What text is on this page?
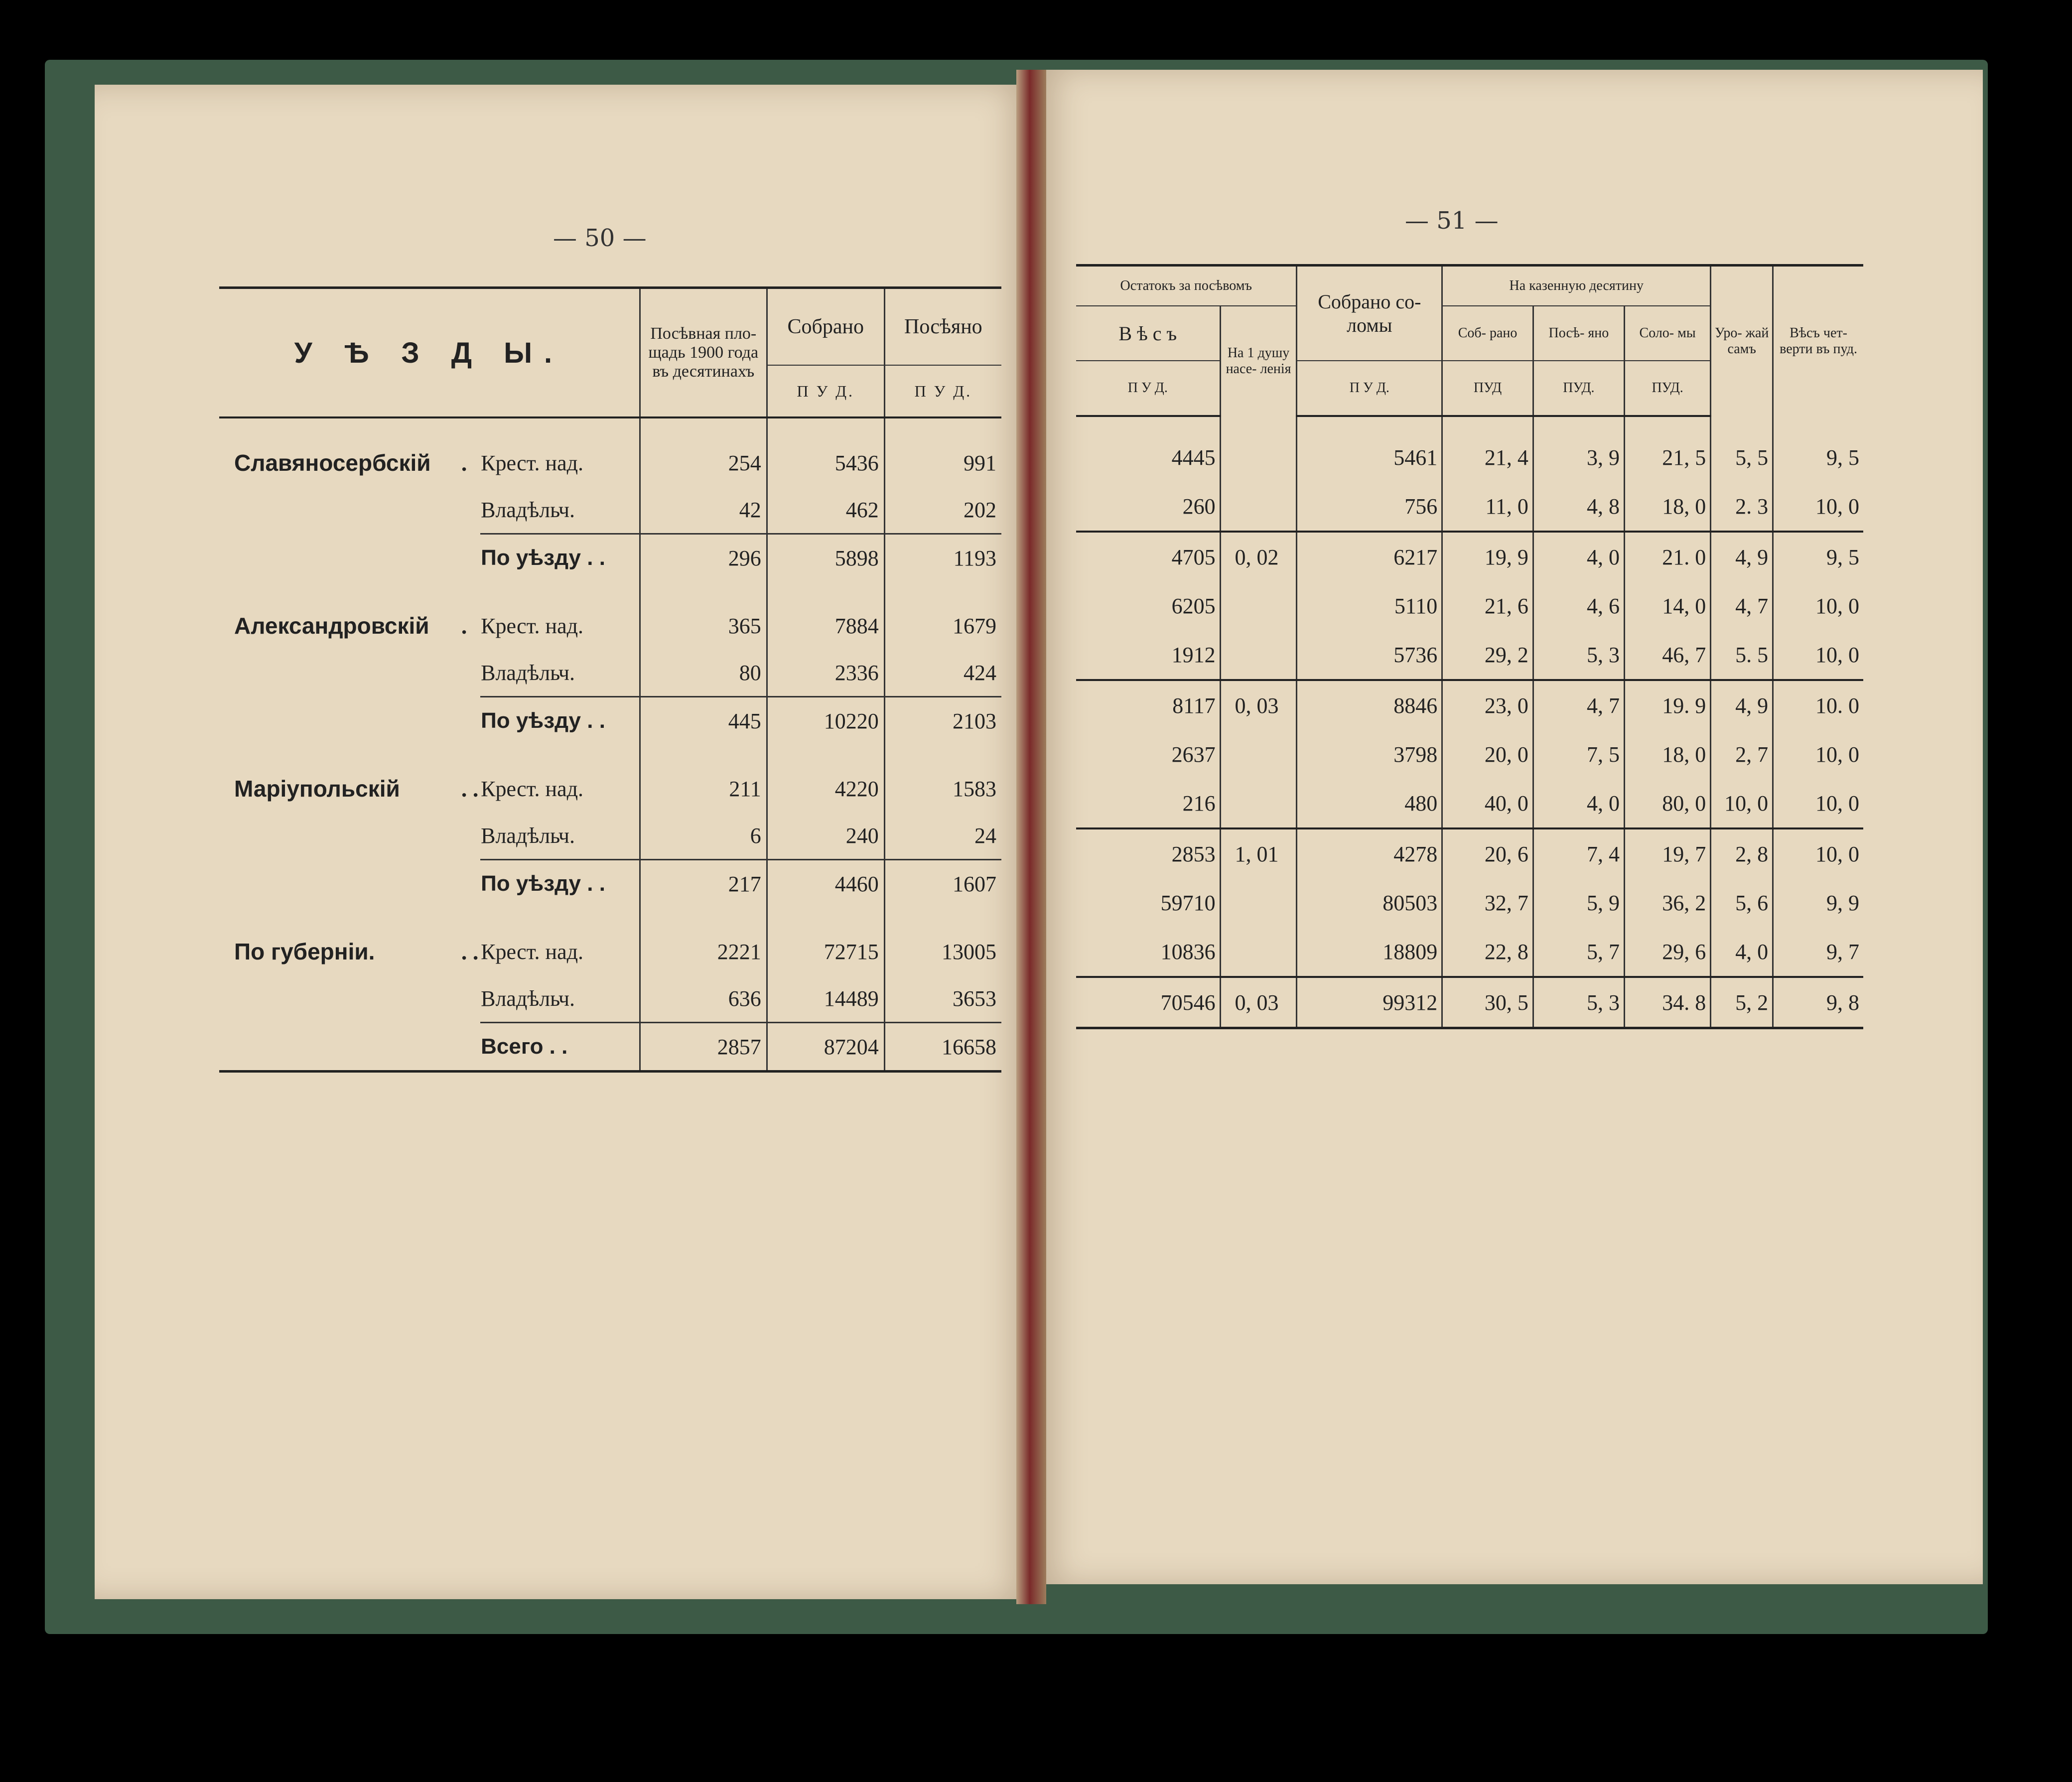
— 50 —
— 51 —
У Ѣ З Д Ы.			Посѣвная пло- щадь 1900 года въ десятинахъ	Собрано	Посѣяно
				П У Д.	П У Д.

Славяносербскій	.	Крест. над.	254	5436	991
		Владѣльч.	42	462	202
		По уѣзду . .	296	5898	1193

Александровскій	.	Крест. над.	365	7884	1679
		Владѣльч.	80	2336	424
		По уѣзду . .	445	10220	2103

Маріупольскій	. .	Крест. над.	211	4220	1583
		Владѣльч.	6	240	24
		По уѣзду . .	217	4460	1607

По губерніи.	. .	Крест. над.	2221	72715	13005
		Владѣльч.	636	14489	3653
		Всего . .	2857	87204	16658
Остатокъ за посѣвомъ		Собрано со- ломы	На казенную десятину			Уро- жай самъ	Вѣсъ чет- верти въ пуд.
В ѣ с ъ	На 1 душу насе- ленія		Соб- рано	Посѣ- яно	Соло- мы		
П У Д.		П У Д.	ПУД	ПУД.	ПУД.		

4445		5461	21, 4	3, 9	21, 5	5, 5	9, 5
260		756	11, 0	4, 8	18, 0	2. 3	10, 0
4705	0, 02	6217	19, 9	4, 0	21. 0	4, 9	9, 5
6205		5110	21, 6	4, 6	14, 0	4, 7	10, 0
1912		5736	29, 2	5, 3	46, 7	5. 5	10, 0
8117	0, 03	8846	23, 0	4, 7	19. 9	4, 9	10. 0
2637		3798	20, 0	7, 5	18, 0	2, 7	10, 0
216		480	40, 0	4, 0	80, 0	10, 0	10, 0
2853	1, 01	4278	20, 6	7, 4	19, 7	2, 8	10, 0
59710		80503	32, 7	5, 9	36, 2	5, 6	9, 9
10836		18809	22, 8	5, 7	29, 6	4, 0	9, 7
70546	0, 03	99312	30, 5	5, 3	34. 8	5, 2	9, 8
